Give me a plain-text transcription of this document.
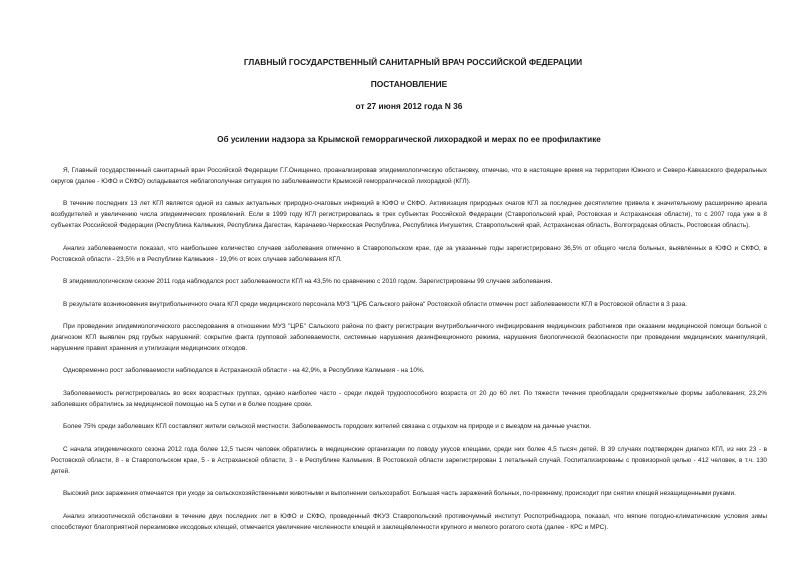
ГЛАВНЫЙ ГОСУДАРСТВЕННЫЙ САНИТАРНЫЙ ВРАЧ РОССИЙСКОЙ ФЕДЕРАЦИИ

ПОСТАНОВЛЕНИЕ

от 27 июня 2012 года N 36

Об усилении надзора за Крымской геморрагической лихорадкой и мерах по ее профилактике

Я, Главный государственный санитарный врач Российской Федерации Г.Г.Онищенко, проанализировав эпидемиологическую обстановку, отмечаю, что в настоящее время на территории Южного и Северо-Кавказского федеральных округов (далее - ЮФО и СКФО) складывается неблагополучная ситуация по заболеваемости Крымской геморрагической лихорадкой (КГЛ).

В течение последних 13 лет КГЛ является одной из самых актуальных природно-очаговых инфекций в ЮФО и СКФО. Активизация природных очагов КГЛ за последнее десятилетие привела к значительному расширению ареала возбудителей и увеличению числа эпидемических проявлений. Если в 1999 году КГЛ регистрировалась в трех субъектах Российской Федерации (Ставропольский край, Ростовская и Астраханская области), то с 2007 года уже в 8 субъектах Российской Федерации (Республика Калмыкия, Республика Дагестан, Карачаево-Черкесская Республика, Республика Ингушетия, Ставропольский край, Астраханская область, Волгоградская область, Ростовская область).

Анализ заболеваемости показал, что наибольшее количество случаев заболевания отмечено в Ставропольском крае, где за указанные годы зарегистрировано 36,5% от общего числа больных, выявленных в ЮФО и СКФО, в Ростовской области - 23,5% и в Республике Калмыкия - 19,9% от всех случаев заболевания КГЛ.

В эпидемиологическом сезоне 2011 года наблюдался рост заболеваемости КГЛ на 43,5% по сравнению с 2010 годом. Зарегистрированы 99 случаев заболевания.

В результате возникновения внутрибольничного очага КГЛ среди медицинского персонала МУЗ "ЦРБ Сальского района" Ростовской области отмечен рост заболеваемости КГЛ в Ростовской области в 3 раза.

При проведении эпидемиологического расследования в отношении МУЗ "ЦРБ" Сальского района по факту регистрации внутрибольничного инфицирования медицинских работников при оказании медицинской помощи больной с диагнозом КГЛ выявлен ряд грубых нарушений: сокрытие факта групповой заболеваемости, системные нарушения дезинфекционного режима, нарушения биологической безопасности при проведении медицинских манипуляций, нарушение правил хранения и утилизации медицинских отходов.

Одновременно рост заболеваемости наблюдался в Астраханской области - на 42,9%, в Республике Калмыкия - на 10%.

Заболеваемость регистрировалась во всех возрастных группах, однако наиболее часто - среди людей трудоспособного возраста от 20 до 60 лет. По тяжести течения преобладали среднетяжелые формы заболевания; 23,2% заболевших обратились за медицинской помощью на 5 сутки и в более поздние сроки.

Более 75% среди заболевших КГЛ составляют жители сельской местности. Заболеваемость городских жителей связана с отдыхом на природе и с выездом на дачные участки.

С начала эпидемического сезона 2012 года более 12,5 тысяч человек обратились в медицинские организации по поводу укусов клещами, среди них более 4,5 тысяч детей. В 39 случаях подтвержден диагноз КГЛ, из них 23 - в Ростовской области, 8 - в Ставропольском крае, 5 - в Астраханской области, 3 - в Республике Калмыкия. В Ростовской области зарегистрирован 1 летальный случай. Госпитализированы с провизорной целью - 412 человек, в т.ч. 130 детей.

Высокий риск заражения отмечается при уходе за сельскохозяйственными животными и выполнении сельхозработ. Большая часть заражений больных, по-прежнему, происходит при снятии клещей незащищенными руками.

Анализ эпизоотической обстановки в течение двух последних лет в ЮФО и СКФО, проведенный ФКУЗ Ставропольский противочумный институт Роспотребнадзора, показал, что мягкие погодно-климатические условия зимы способствуют благоприятной перезимовке иксодовых клещей, отмечается увеличение численности клещей и заклещёвленности крупного и мелкого рогатого скота (далее - КРС и МРС).
